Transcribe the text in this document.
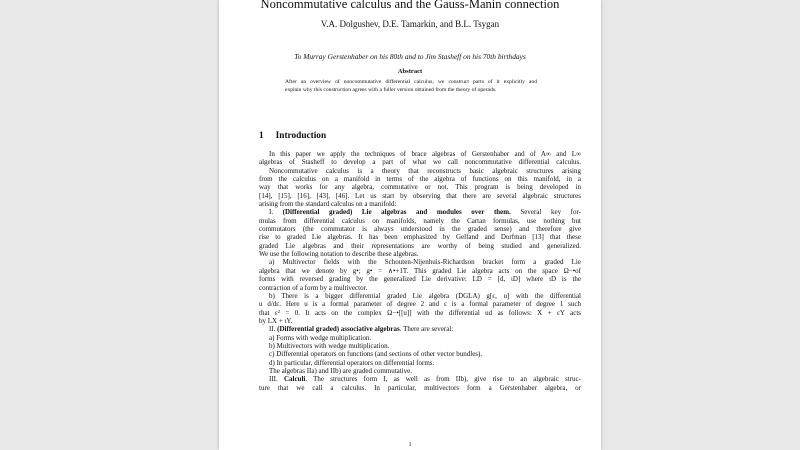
Noncommutative calculus and the Gauss-Manin connection
V.A. Dolgushev, D.E. Tamarkin, and B.L. Tsygan
To Murray Gerstenhaber on his 80th and to Jim Stasheff on his 70th birthdays
Abstract
After an overview of noncommutative differential calculus, we construct parts of it explicitly and
explain why this construction agrees with a fuller version obtained from the theory of operads.
1 Introduction
In this paper we apply the techniques of brace algebras of Gerstenhaber and of A∞ and L∞
algebras of Stasheff to develop a part of what we call noncommutative differential calculus.
Noncommutative calculus is a theory that reconstructs basic algebraic structures arising
from the calculus on a manifold in terms of the algebra of functions on this manifold, in a
way that works for any algebra, commutative or not. This program is being developed in
[14], [15], [16], [43], [46]. Let us start by observing that there are several algebraic structures
arising from the standard calculus on a manifold:
I. (Differential graded) Lie algebras and modules over them. Several key for-
mulas from differential calculus on manifolds, namely the Cartan formulas, use nothing but
commutators (the commutator is always understood in the graded sense) and therefore give
rise to graded Lie algebras. It has been emphasized by Gelfand and Dorfman [13] that these
graded Lie algebras and their representations are worthy of being studied and generalized.
We use the following notation to describe these algebras.
a) Multivector fields with the Schouten-Nijenhuis-Richardson bracket form a graded Lie
algebra that we denote by g•; g• = ∧•+1T. This graded Lie algebra acts on the space Ω−•of
forms with reversed grading by the generalized Lie derivative: LD = [d, ιD] where ιD is the
contraction of a form by a multivector.
b) There is a bigger differential graded Lie algebra (DGLA) g[ε, u] with the differential
u d/dε. Here u is a formal parameter of degree 2 and ε is a formal parameter of degree 1 such
that ε² = 0. It acts on the complex Ω−•[[u]] with the differential ud as follows: X + εY acts
by LX + ιY.
II. (Differential graded) associative algebras. There are several:
a) Forms with wedge multiplication.
b) Multivectors with wedge multiplication.
c) Differential operators on functions (and sections of other vector bundles).
d) In particular, differential operators on differential forms.
The algebras IIa) and IIb) are graded commutative.
III. Calculi. The structures form I, as well as from IIb), give rise to an algebraic struc-
ture that we call a calculus. In particular, multivectors form a Gerstenhaber algebra, or
1
